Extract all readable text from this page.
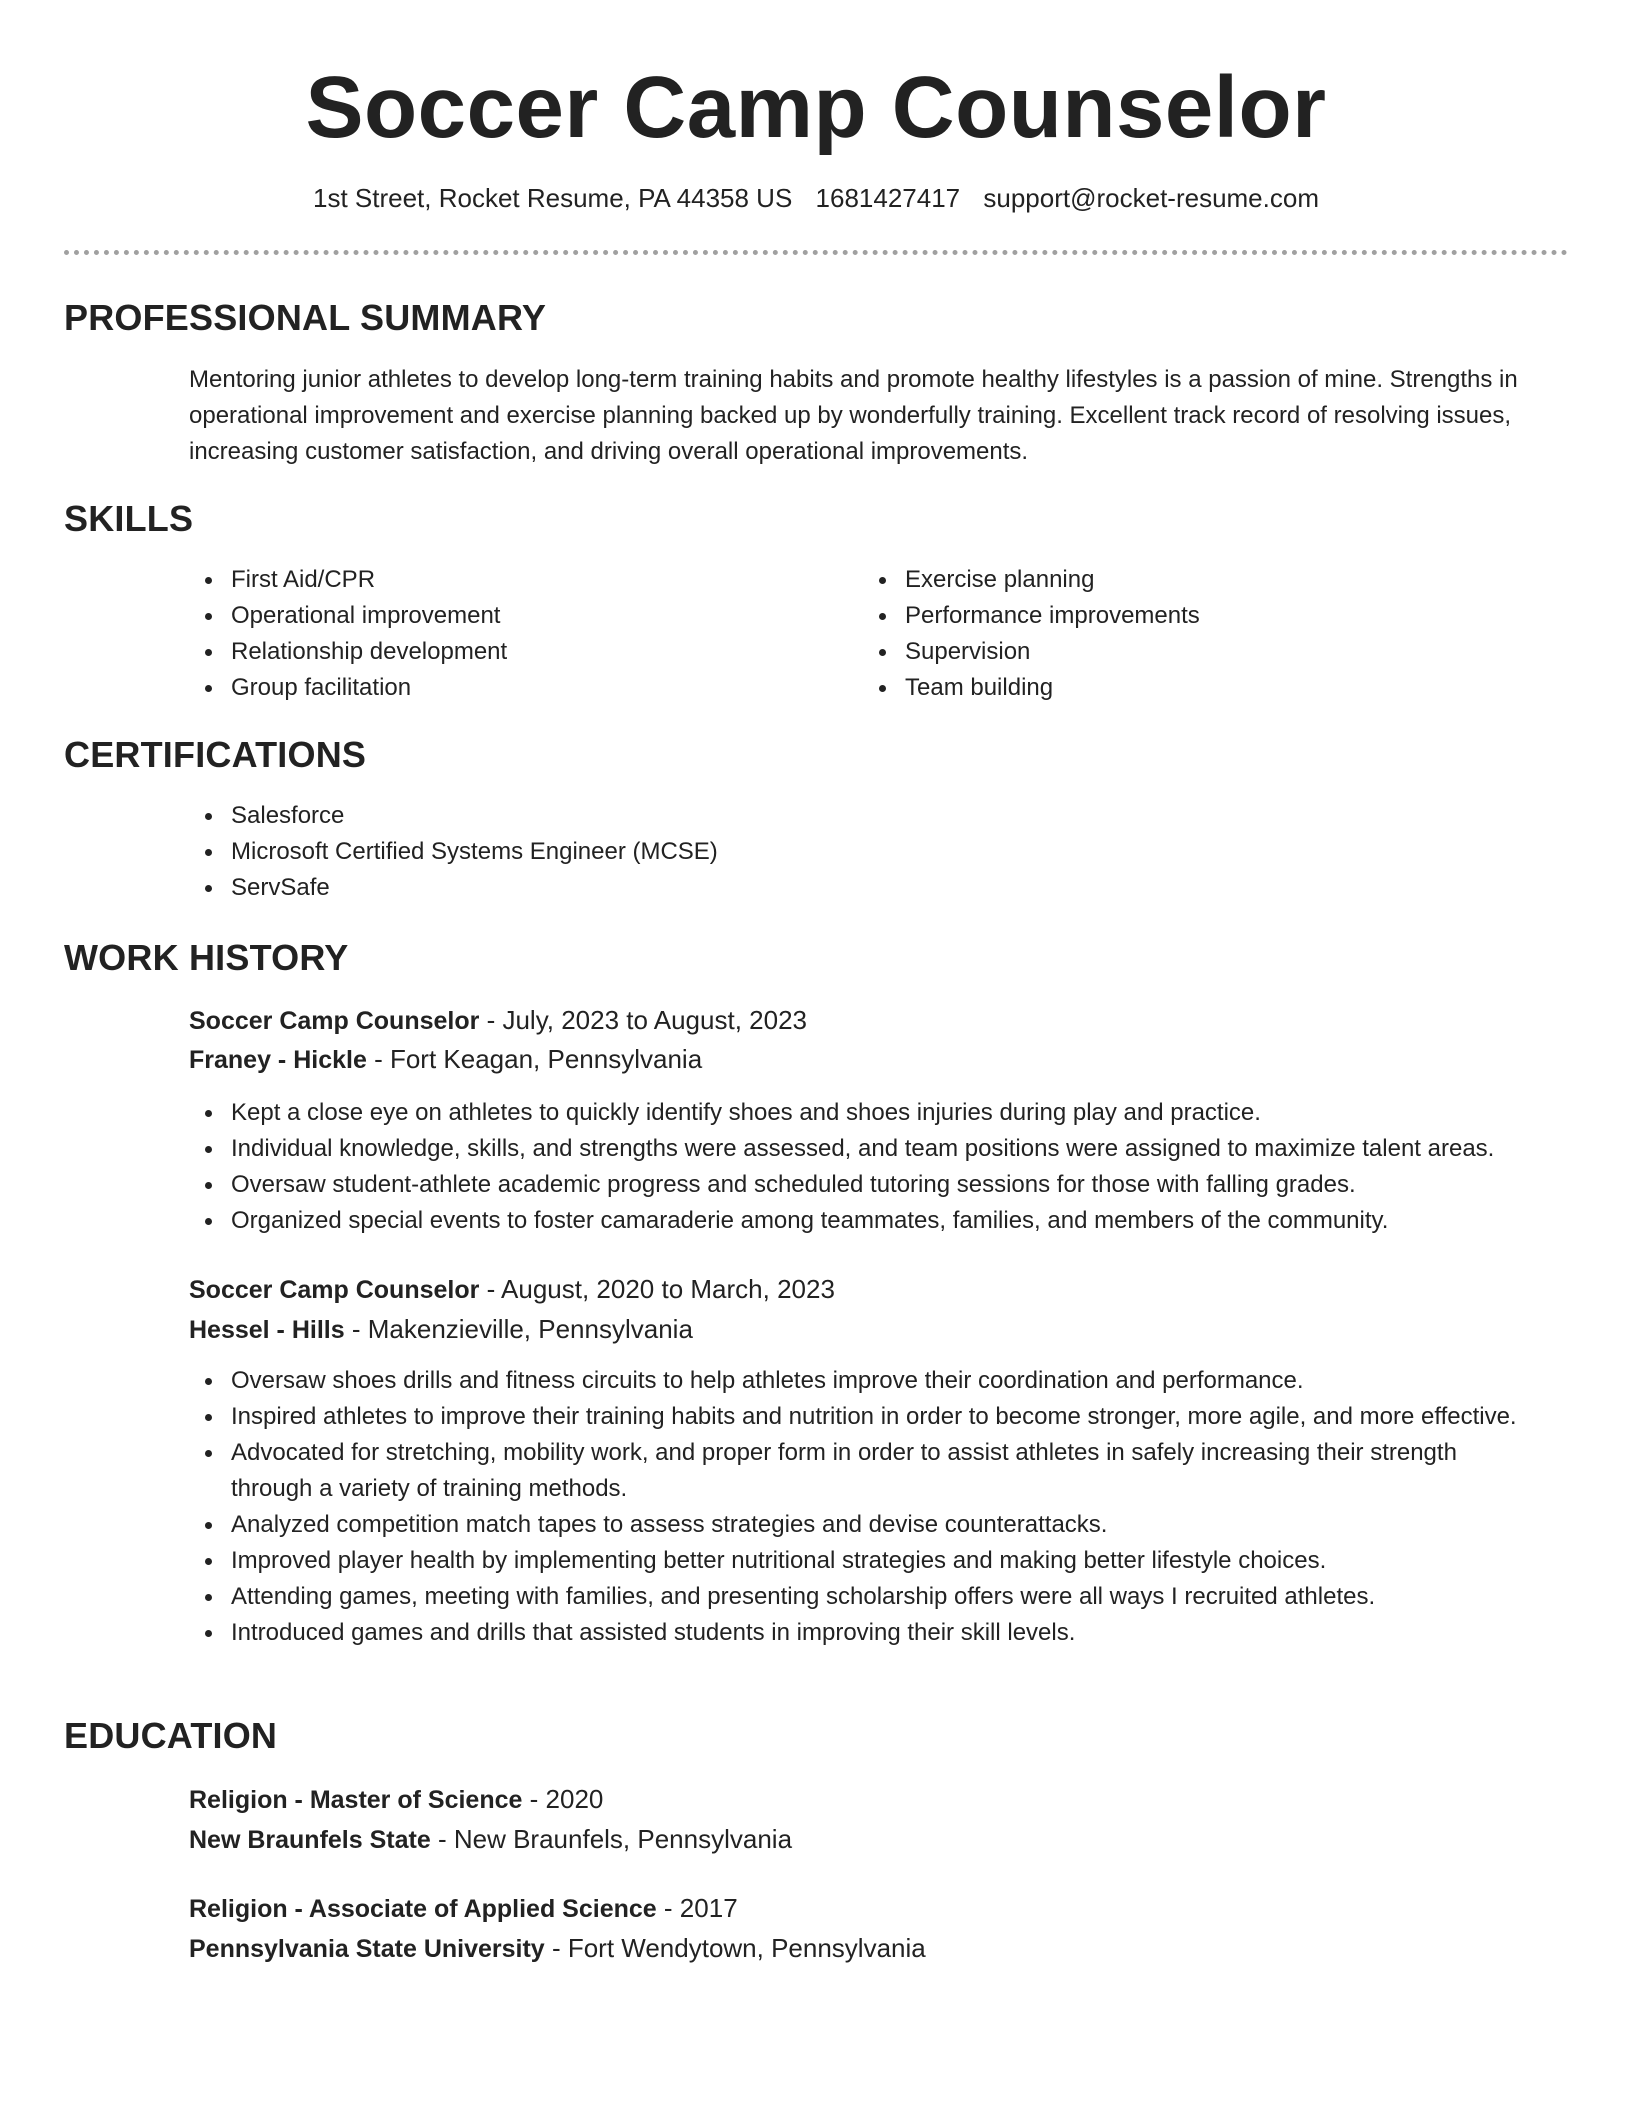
Soccer Camp Counselor
1st Street, Rocket Resume, PA 44358 US 1681427417 support@rocket-resume.com
PROFESSIONAL SUMMARY
Mentoring junior athletes to develop long-term training habits and promote healthy lifestyles is a passion of mine. Strengths in operational improvement and exercise planning backed up by wonderfully training. Excellent track record of resolving issues, increasing customer satisfaction, and driving overall operational improvements.
SKILLS
First Aid/CPR
Operational improvement
Relationship development
Group facilitation
Exercise planning
Performance improvements
Supervision
Team building
CERTIFICATIONS
Salesforce
Microsoft Certified Systems Engineer (MCSE)
ServSafe
WORK HISTORY
Soccer Camp Counselor - July, 2023 to August, 2023
Franey - Hickle - Fort Keagan, Pennsylvania
Kept a close eye on athletes to quickly identify shoes and shoes injuries during play and practice.
Individual knowledge, skills, and strengths were assessed, and team positions were assigned to maximize talent areas.
Oversaw student-athlete academic progress and scheduled tutoring sessions for those with falling grades.
Organized special events to foster camaraderie among teammates, families, and members of the community.
Soccer Camp Counselor - August, 2020 to March, 2023
Hessel - Hills - Makenzieville, Pennsylvania
Oversaw shoes drills and fitness circuits to help athletes improve their coordination and performance.
Inspired athletes to improve their training habits and nutrition in order to become stronger, more agile, and more effective.
Advocated for stretching, mobility work, and proper form in order to assist athletes in safely increasing their strength through a variety of training methods.
Analyzed competition match tapes to assess strategies and devise counterattacks.
Improved player health by implementing better nutritional strategies and making better lifestyle choices.
Attending games, meeting with families, and presenting scholarship offers were all ways I recruited athletes.
Introduced games and drills that assisted students in improving their skill levels.
EDUCATION
Religion - Master of Science - 2020
New Braunfels State - New Braunfels, Pennsylvania
Religion - Associate of Applied Science - 2017
Pennsylvania State University - Fort Wendytown, Pennsylvania
